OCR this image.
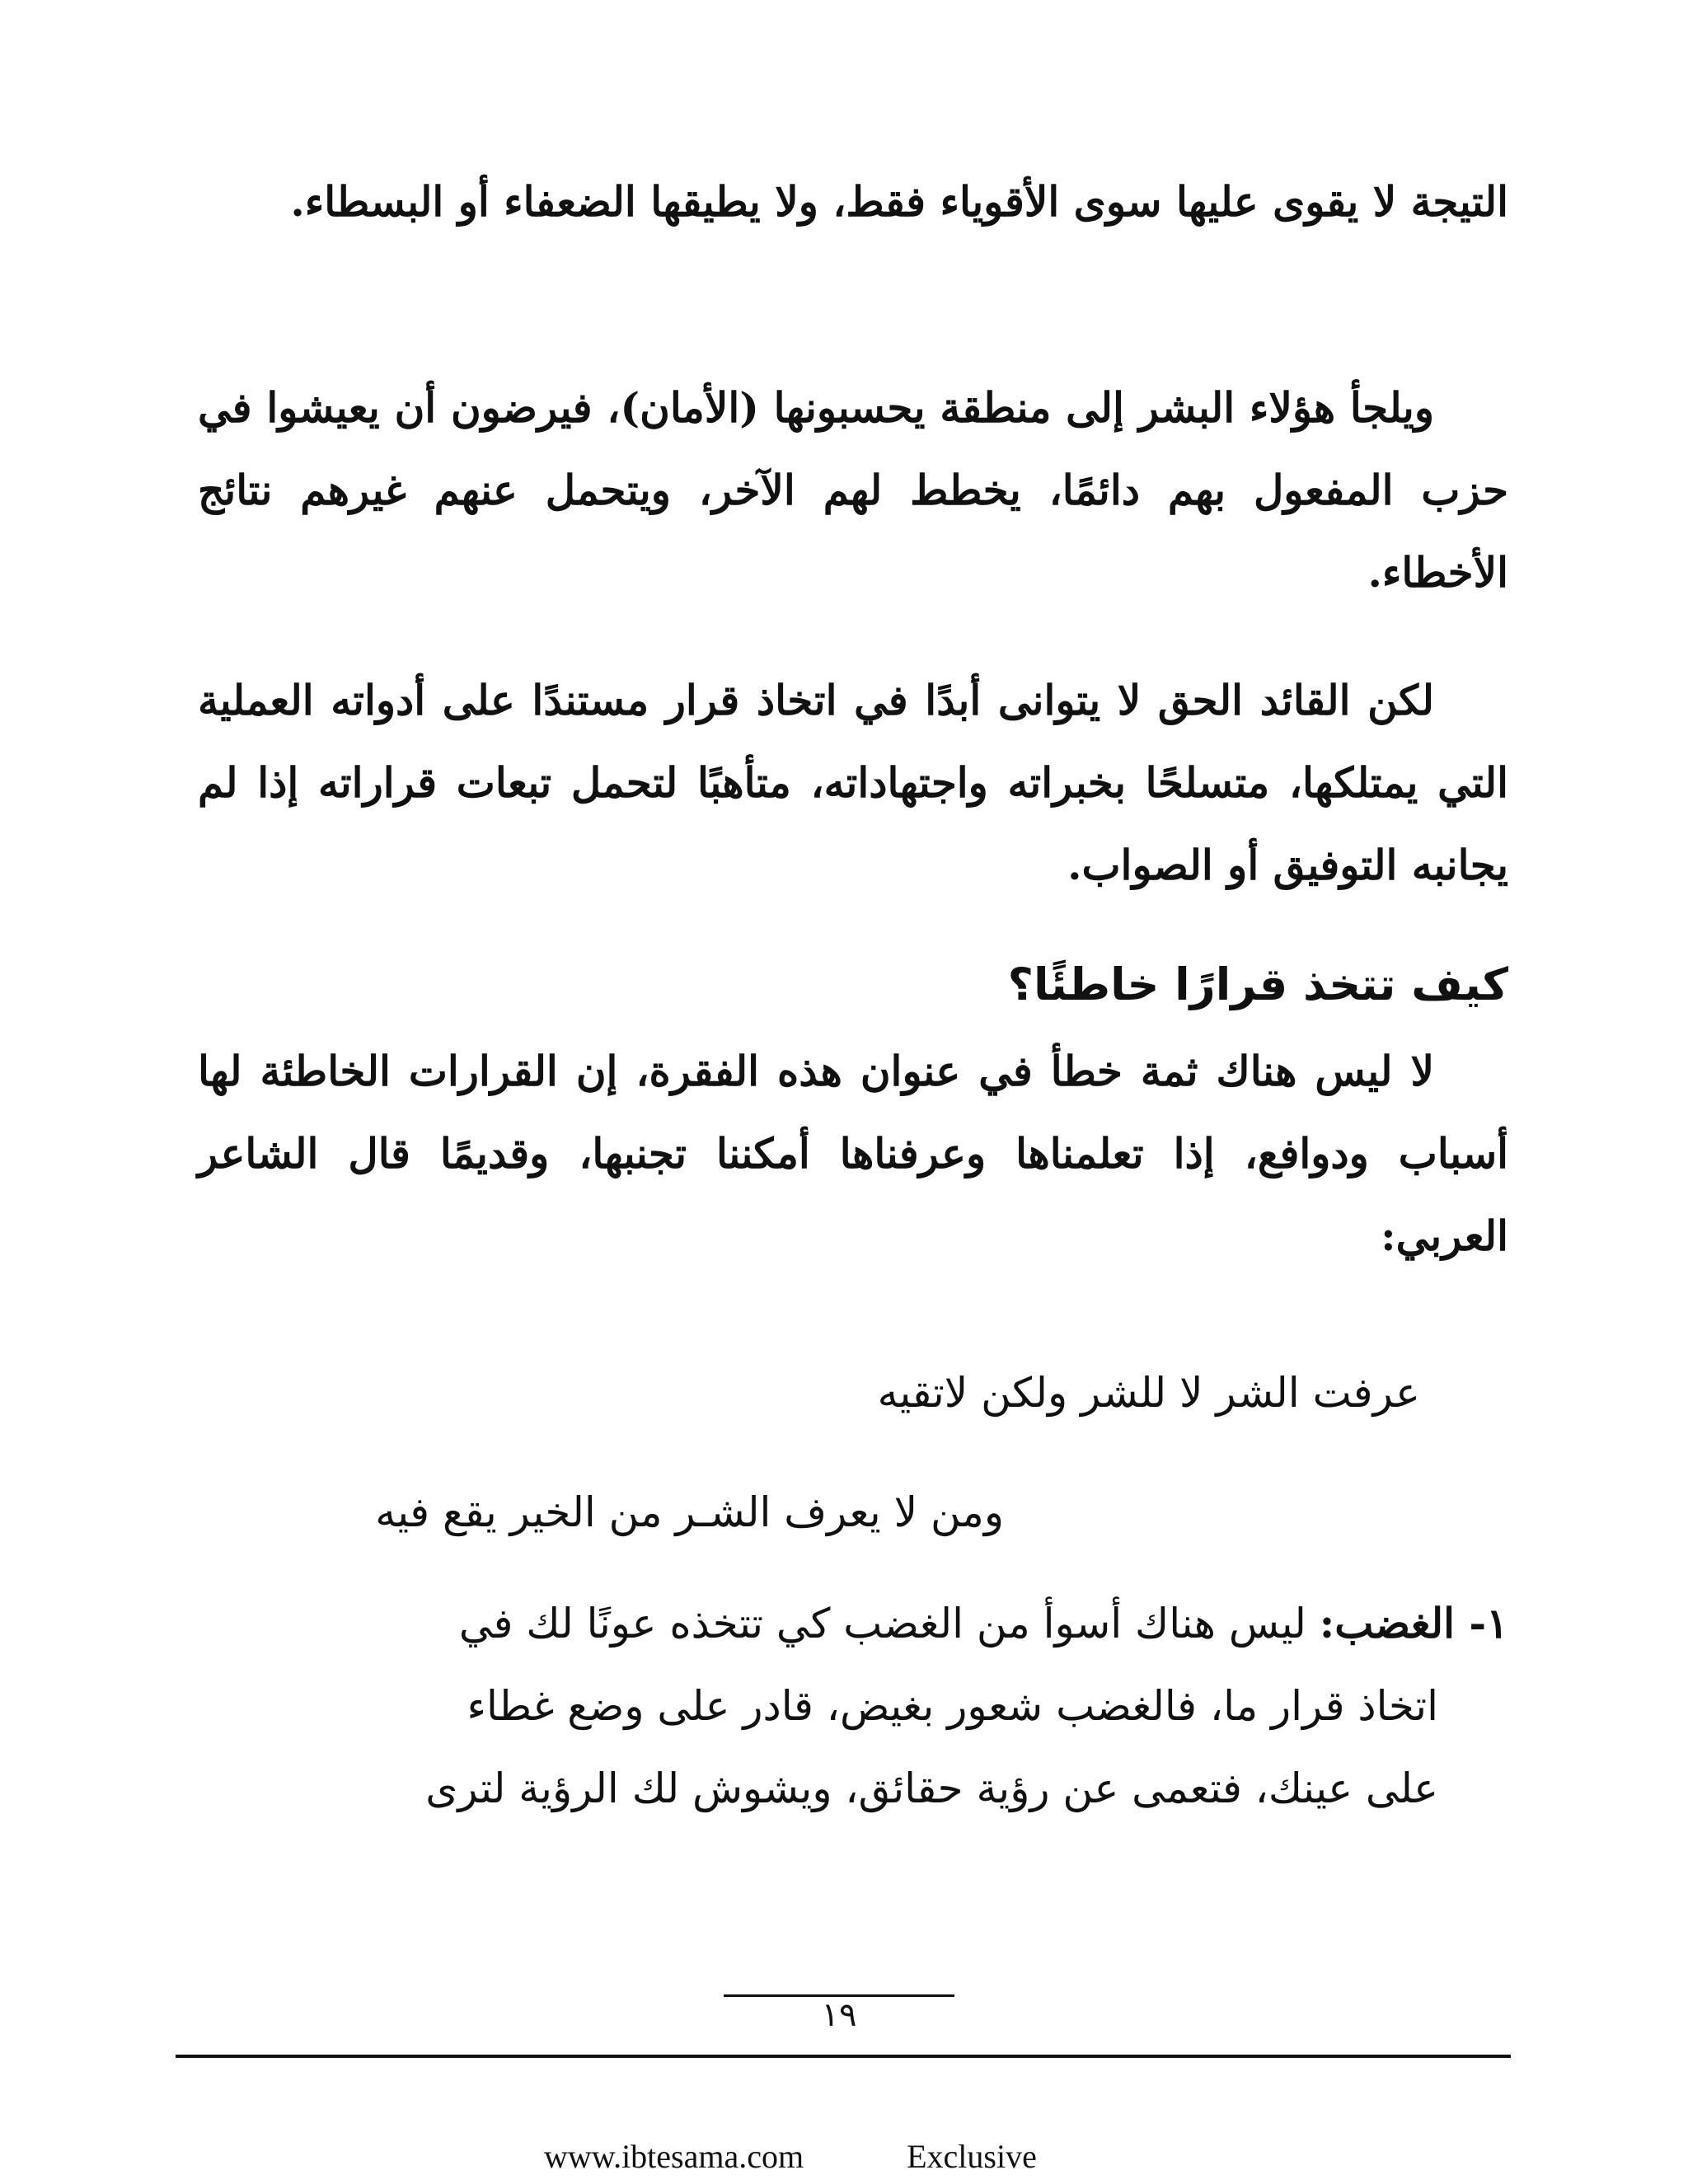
التيجة لا يقوى عليها سوى الأقوياء فقط، ولا يطيقها الضعفاء أو البسطاء.

ويلجأ هؤلاء البشر إلى منطقة يحسبونها (الأمان)، فيرضون أن يعيشوا في حزب المفعول بهم دائمًا، يخطط لهم الآخر، ويتحمل عنهم غيرهم نتائج الأخطاء.

لكن القائد الحق لا يتوانى أبدًا في اتخاذ قرار مستندًا على أدواته العملية التي يمتلكها، متسلحًا بخبراته واجتهاداته، متأهبًا لتحمل تبعات قراراته إذا لم يجانبه التوفيق أو الصواب.

كيف تتخذ قرارًا خاطئًا؟

لا ليس هناك ثمة خطأ في عنوان هذه الفقرة، إن القرارات الخاطئة لها أسباب ودوافع، إذا تعلمناها وعرفناها أمكننا تجنبها، وقديمًا قال الشاعر العربي:

عرفت الشر لا للشر ولكن لاتقيه

ومن لا يعرف الشـر من الخير يقع فيه

١- الغضب: ليس هناك أسوأ من الغضب كي تتخذه عونًا لك في
اتخاذ قرار ما، فالغضب شعور بغيض، قادر على وضع غطاء
على عينك، فتعمى عن رؤية حقائق، ويشوش لك الرؤية لترى

١٩

www.ibtesama.com	Exclusive
